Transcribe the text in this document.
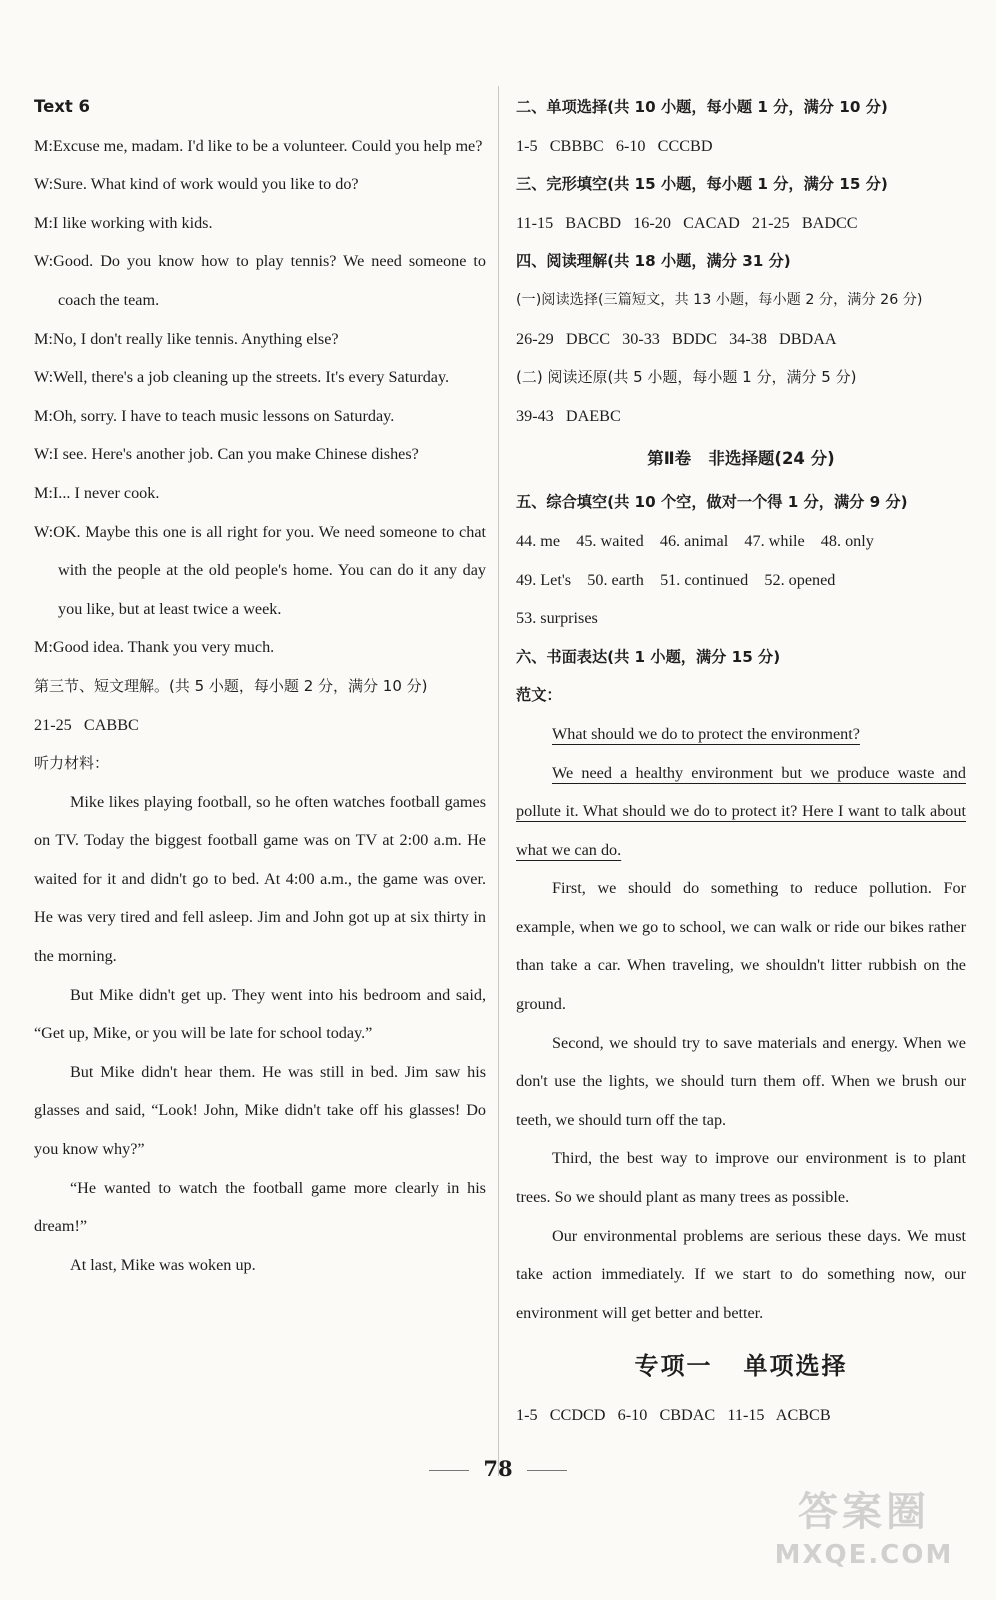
Text 6
M:Excuse me, madam. I'd like to be a volunteer. Could you help me?
W:Sure. What kind of work would you like to do?
M:I like working with kids.
W:Good. Do you know how to play tennis? We need someone to coach the team.
M:No, I don't really like tennis. Anything else?
W:Well, there's a job cleaning up the streets. It's every Saturday.
M:Oh, sorry. I have to teach music lessons on Saturday.
W:I see. Here's another job. Can you make Chinese dishes?
M:I... I never cook.
W:OK. Maybe this one is all right for you. We need someone to chat with the people at the old people's home. You can do it any day you like, but at least twice a week.
M:Good idea. Thank you very much.
第三节、短文理解。(共 5 小题，每小题 2 分，满分 10 分)
21-25   CABBC
听力材料：
Mike likes playing football, so he often watches football games on TV. Today the biggest football game was on TV at 2:00 a.m. He waited for it and didn't go to bed. At 4:00 a.m., the game was over. He was very tired and fell asleep. Jim and John got up at six thirty in the morning.
But Mike didn't get up. They went into his bedroom and said, “Get up, Mike, or you will be late for school today.”
But Mike didn't hear them. He was still in bed. Jim saw his glasses and said, “Look! John, Mike didn't take off his glasses! Do you know why?”
“He wanted to watch the football game more clearly in his dream!”
At last, Mike was woken up.
二、单项选择(共 10 小题，每小题 1 分，满分 10 分)
1-5   CBBBC   6-10   CCCBD
三、完形填空(共 15 小题，每小题 1 分，满分 15 分)
11-15   BACBD   16-20   CACAD   21-25   BADCC
四、阅读理解(共 18 小题，满分 31 分)
(一)阅读选择(三篇短文，共 13 小题，每小题 2 分，满分 26 分)
26-29   DBCC   30-33   BDDC   34-38   DBDAA
(二) 阅读还原(共 5 小题，每小题 1 分，满分 5 分)
39-43   DAEBC
第Ⅱ卷   非选择题(24 分)
五、综合填空(共 10 个空，做对一个得 1 分，满分 9 分)
44. me    45. waited    46. animal    47. while    48. only
49. Let's    50. earth    51. continued    52. opened
53. surprises
六、书面表达(共 1 小题，满分 15 分)
范文：
What should we do to protect the environment?
We need a healthy environment but we produce waste and pollute it. What should we do to protect it? Here I want to talk about what we can do.
First, we should do something to reduce pollution. For example, when we go to school, we can walk or ride our bikes rather than take a car. When traveling, we shouldn't litter rubbish on the ground.
Second, we should try to save materials and energy. When we don't use the lights, we should turn them off. When we brush our teeth, we should turn off the tap.
Third, the best way to improve our environment is to plant trees. So we should plant as many trees as possible.
Our environmental problems are serious these days. We must take action immediately. If we start to do something now, our environment will get better and better.
专项一   单项选择
1-5   CCDCD   6-10   CBDAC   11-15   ACBCB
78
答案圈
MXQE.COM
